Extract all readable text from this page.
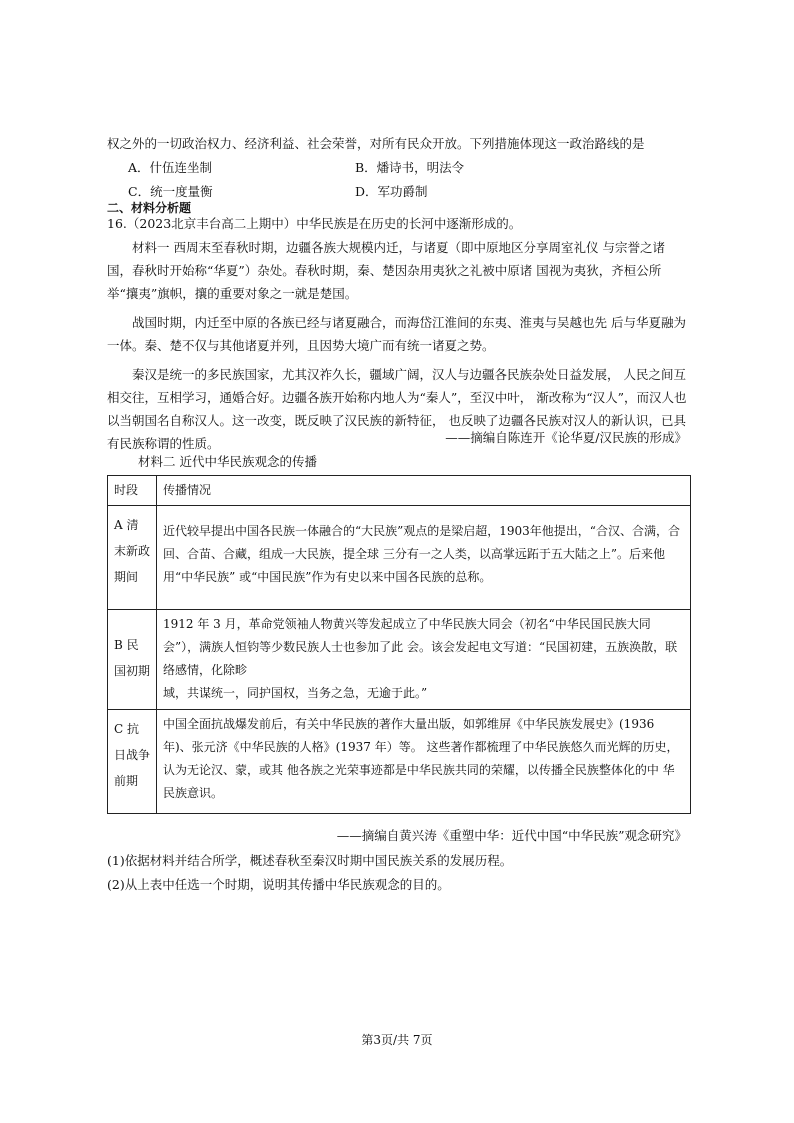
权之外的一切政治权力、经济利益、社会荣誉，对所有民众开放。下列措施体现这一政治路线的是
A．什伍连坐制	B．燔诗书，明法令
C．统一度量衡	D．军功爵制
二、材料分析题
16.（2023北京丰台高二上期中）中华民族是在历史的长河中逐渐形成的。

材料一 西周末至春秋时期，边疆各族大规模内迁，与诸夏（即中原地区分享周室礼仪 与宗誉之诸国，春秋时开始称“华夏”）杂处。春秋时期，秦、楚因杂用夷狄之礼被中原诸 国视为夷狄，齐桓公所举“攘夷”旗帜，攘的重要对象之一就是楚国。

战国时期，内迁至中原的各族已经与诸夏融合，而海岱江淮间的东夷、淮夷与吴越也先 后与华夏融为一体。秦、楚不仅与其他诸夏并列，且因势大境广而有统一诸夏之势。

秦汉是统一的多民族国家，尤其汉祚久长，疆域广阔，汉人与边疆各民族杂处日益发展， 人民之间互相交往，互相学习，通婚合好。边疆各族开始称内地人为“秦人”，至汉中叶， 渐改称为“汉人”，而汉人也以当朝国名自称汉人。这一改变，既反映了汉民族的新特征， 也反映了边疆各民族对汉人的新认识，已具有民族称谓的性质。	——摘编自陈连开《论华夏/汉民族的形成》
材料二 近代中华民族观念的传播
时段	传播情况
A 清末新政期间	近代较早提出中国各民族一体融合的“大民族”观点的是梁启超，1903年他提出，“合汉、合满，合回、合苗、合藏，组成一大民族，提全球 三分有一之人类，以高掌远跖于五大陆之上”。后来他用“中华民族” 或“中国民族”作为有史以来中国各民族的总称。
B 民国初期	1912 年 3 月，革命党领袖人物黄兴等发起成立了中华民族大同会（初名“中华民国民族大同会”），满族人恒钧等少数民族人士也参加了此 会。该会发起电文写道：“民国初建，五族涣散，联络感情，化除畛
域，共谋统一，同护国权，当务之急，无逾于此。”

C 抗日战争前期	中国全面抗战爆发前后，有关中华民族的著作大量出版，如郭维屏《中华民族发展史》(1936 年)、张元济《中华民族的人格》(1937 年）等。 这些著作都梳理了中华民族悠久而光辉的历史，认为无论汉、蒙，或其 他各族之光荣事迹都是中华民族共同的荣耀，以传播全民族整体化的中 华民族意识。
——摘编自黄兴涛《重塑中华：近代中国“中华民族”观念研究》
(1)依据材料并结合所学，概述春秋至秦汉时期中国民族关系的发展历程。
(2)从上表中任选一个时期，说明其传播中华民族观念的目的。
第3页/共 7页
